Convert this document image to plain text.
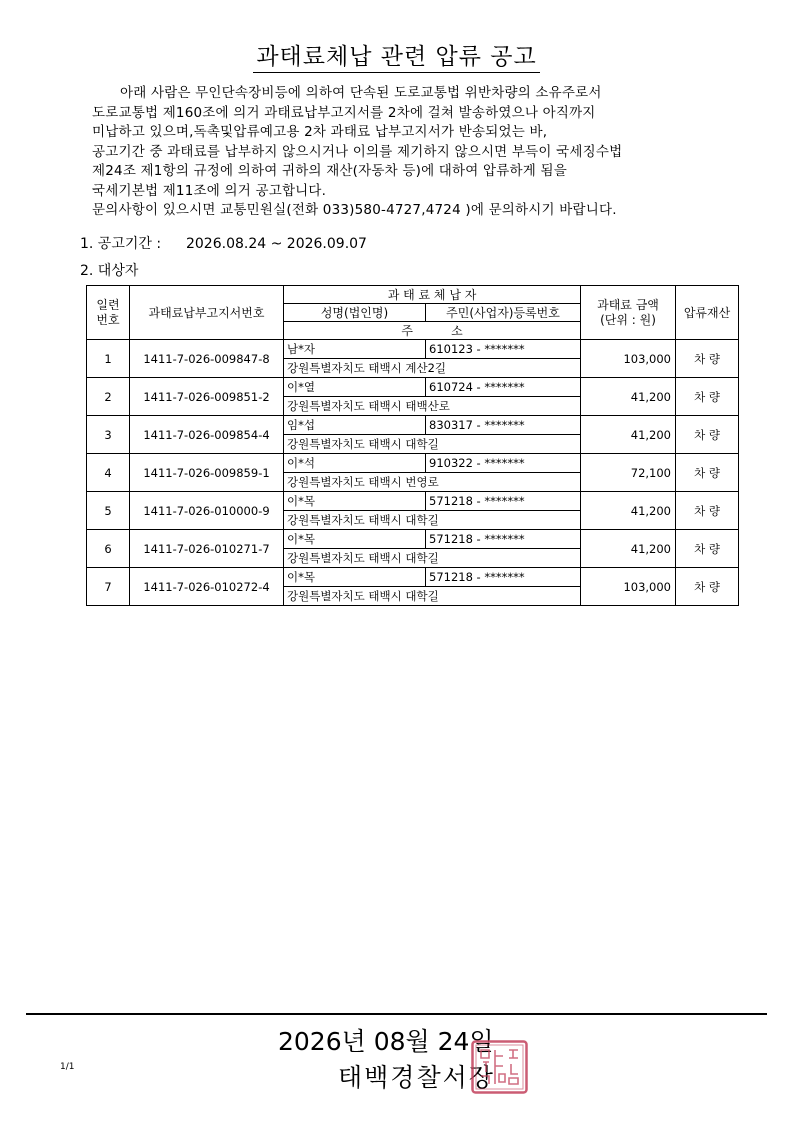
과태료체납 관련 압류 공고
아래 사람은 무인단속장비등에 의하여 단속된 도로교통법 위반차량의 소유주로서
도로교통법 제160조에 의거 과태료납부고지서를 2차에 걸쳐 발송하였으나 아직까지
미납하고 있으며,독촉및압류예고용 2차 과태료 납부고지서가 반송되었는 바,
공고기간 중 과태료를 납부하지 않으시거나 이의를 제기하지 않으시면 부득이 국세징수법
제24조 제1항의 규정에 의하여 귀하의 재산(자동차 등)에 대하여 압류하게 됨을
국세기본법 제11조에 의거 공고합니다.
문의사항이 있으시면 교통민원실(전화 033)580-4727,4724 )에 문의하시기 바랍니다.
1. 공고기간 : 2026.08.24 ~ 2026.09.07
2. 대상자
일련 번호	과태료납부고지서번호	과 태 료 체 납 자		과태료 금액 (단위 : 원)	압류재산
		성명(법인명)	주민(사업자)등록번호		
		주          소			
1	1411-7-026-009847-8	남*자	610123 - *******	103,000	차 량
		강원특별자치도 태백시 계산2길			
2	1411-7-026-009851-2	이*열	610724 - *******	41,200	차 량
		강원특별자치도 태백시 태백산로			
3	1411-7-026-009854-4	임*섭	830317 - *******	41,200	차 량
		강원특별자치도 태백시 대학길			
4	1411-7-026-009859-1	이*석	910322 - *******	72,100	차 량
		강원특별자치도 태백시 번영로			
5	1411-7-026-010000-9	이*목	571218 - *******	41,200	차 량
		강원특별자치도 태백시 대학길			
6	1411-7-026-010271-7	이*목	571218 - *******	41,200	차 량
		강원특별자치도 태백시 대학길			
7	1411-7-026-010272-4	이*목	571218 - *******	103,000	차 량
		강원특별자치도 태백시 대학길			
2026년 08월 24일
태백경찰서장
1/1
